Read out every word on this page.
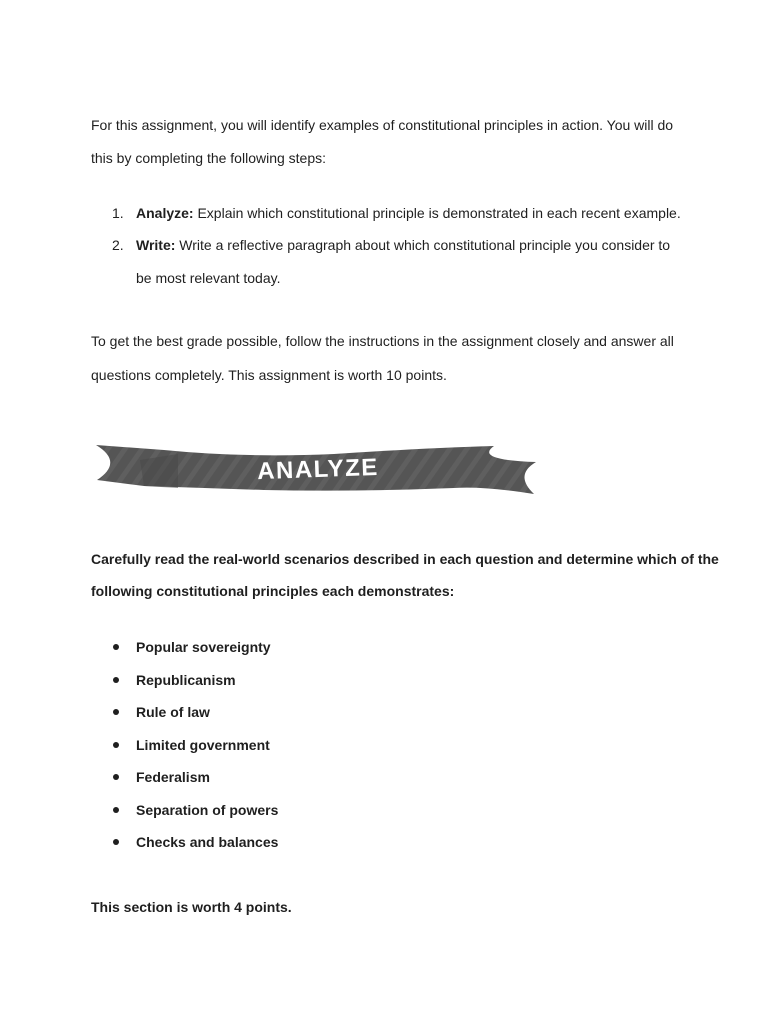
For this assignment, you will identify examples of constitutional principles in action. You will do
this by completing the following steps:
1. Analyze: Explain which constitutional principle is demonstrated in each recent example.
2. Write: Write a reflective paragraph about which constitutional principle you consider to
be most relevant today.
To get the best grade possible, follow the instructions in the assignment closely and answer all
questions completely. This assignment is worth 10 points.
ANALYZE
Carefully read the real-world scenarios described in each question and determine which of the
following constitutional principles each demonstrates:
Popular sovereignty
Republicanism
Rule of law
Limited government
Federalism
Separation of powers
Checks and balances
This section is worth 4 points.
